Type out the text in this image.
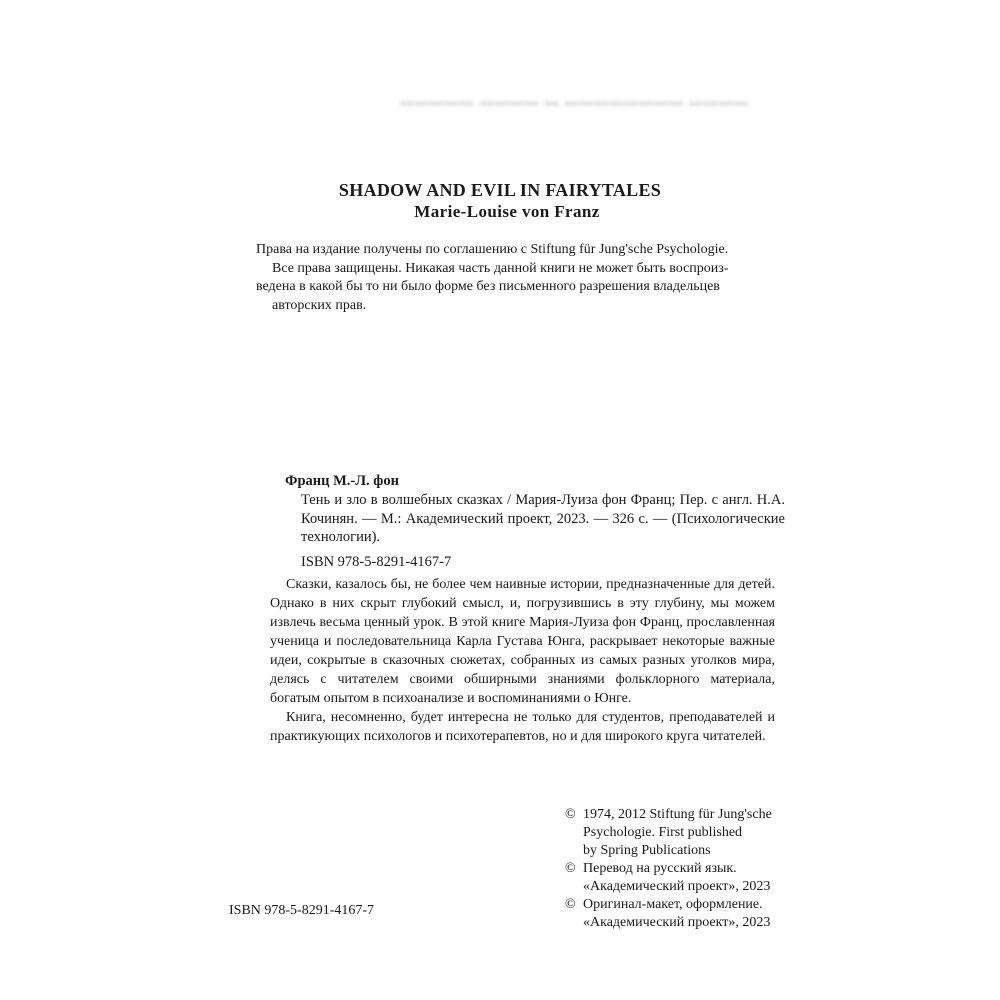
▂▂▂▂▂ ▂▂▂▂ ▂ ▂▂▂▂▂▂▂▂ ▂▂▂▂
SHADOW AND EVIL IN FAIRYTALES
Marie-Louise von Franz

Права на издание получены по соглашению с Stiftung für Jung'sche Psychologie.

Все права защищены. Никакая часть данной книги не может быть воспроиз-

ведена в какой бы то ни было форме без письменного разрешения владельцев

авторских прав.

Франц М.-Л. фон

Тень и зло в волшебных сказках / Мария-Луиза фон Франц; Пер. с англ. Н.А. Кочинян. — М.: Академический проект, 2023. — 326 с. — (Психологические технологии).

ISBN 978-5-8291-4167-7

Сказки, казалось бы, не более чем наивные истории, предназначенные для детей. Однако в них скрыт глубокий смысл, и, погрузившись в эту глубину, мы можем извлечь весьма ценный урок. В этой книге Мария-Луиза фон Франц, прославленная ученица и последовательница Карла Густава Юнга, раскрывает некоторые важные идеи, сокрытые в сказочных сюжетах, собранных из самых разных уголков мира, делясь с читателем своими обширными знаниями фольклорного материала, богатым опытом в психоанализе и воспоминаниями о Юнге.

Книга, несомненно, будет интересна не только для студентов, преподавателей и практикующих психологов и психотерапевтов, но и для широкого круга читателей.

© 1974, 2012 Stiftung für Jung'sche
Psychologie. First published
by Spring Publications
© Перевод на русский язык.
«Академический проект», 2023
© Оригинал-макет, оформление.
«Академический проект», 2023
ISBN 978-5-8291-4167-7
